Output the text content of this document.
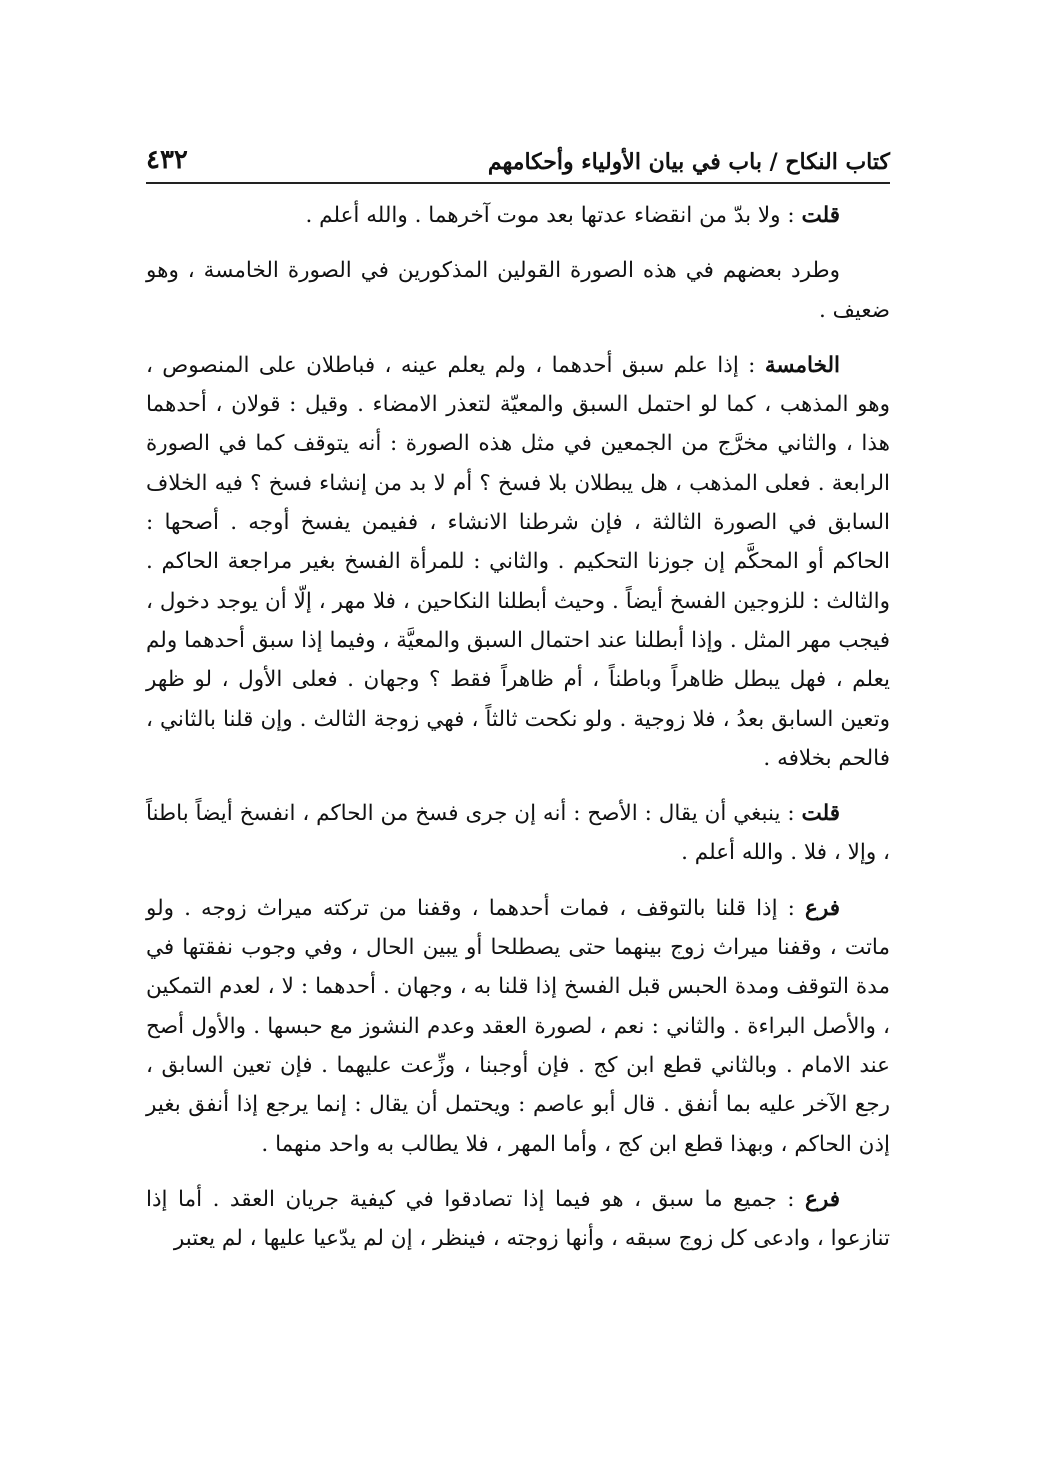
كتاب النكاح / باب في بيان الأولياء وأحكامهم
٤٣٢

قلت : ولا بدّ من انقضاء عدتها بعد موت آخرهما . والله أعلم .

وطرد بعضهم في هذه الصورة القولين المذكورين في الصورة الخامسة ، وهو ضعيف .

الخامسة : إذا علم سبق أحدهما ، ولم يعلم عينه ، فباطلان على المنصوص ، وهو المذهب ، كما لو احتمل السبق والمعيّة لتعذر الامضاء . وقيل : قولان ، أحدهما هذا ، والثاني مخرَّج من الجمعين في مثل هذه الصورة : أنه يتوقف كما في الصورة الرابعة . فعلى المذهب ، هل يبطلان بلا فسخ ؟ أم لا بد من إنشاء فسخ ؟ فيه الخلاف السابق في الصورة الثالثة ، فإن شرطنا الانشاء ، ففيمن يفسخ أوجه . أصحها : الحاكم أو المحكَّم إن جوزنا التحكيم . والثاني : للمرأة الفسخ بغير مراجعة الحاكم . والثالث : للزوجين الفسخ أيضاً . وحيث أبطلنا النكاحين ، فلا مهر ، إلّا أن يوجد دخول ، فيجب مهر المثل . وإذا أبطلنا عند احتمال السبق والمعيَّة ، وفيما إذا سبق أحدهما ولم يعلم ، فهل يبطل ظاهراً وباطناً ، أم ظاهراً فقط ؟ وجهان . فعلى الأول ، لو ظهر وتعين السابق بعدُ ، فلا زوجية . ولو نكحت ثالثاً ، فهي زوجة الثالث . وإن قلنا بالثاني ، فالحم بخلافه .

قلت : ينبغي أن يقال : الأصح : أنه إن جرى فسخ من الحاكم ، انفسخ أيضاً باطناً ، وإلا ، فلا . والله أعلم .

فرع : إذا قلنا بالتوقف ، فمات أحدهما ، وقفنا من تركته ميراث زوجه . ولو ماتت ، وقفنا ميراث زوج بينهما حتى يصطلحا أو يبين الحال ، وفي وجوب نفقتها في مدة التوقف ومدة الحبس قبل الفسخ إذا قلنا به ، وجهان . أحدهما : لا ، لعدم التمكين ، والأصل البراءة . والثاني : نعم ، لصورة العقد وعدم النشوز مع حبسها . والأول أصح عند الامام . وبالثاني قطع ابن كج . فإن أوجبنا ، وزِّعت عليهما . فإن تعين السابق ، رجع الآخر عليه بما أنفق . قال أبو عاصم : ويحتمل أن يقال : إنما يرجع إذا أنفق بغير إذن الحاكم ، وبهذا قطع ابن كج ، وأما المهر ، فلا يطالب به واحد منهما .

فرع : جميع ما سبق ، هو فيما إذا تصادقوا في كيفية جريان العقد . أما إذا تنازعوا ، وادعى كل زوج سبقه ، وأنها زوجته ، فينظر ، إن لم يدّعيا عليها ، لم يعتبر
